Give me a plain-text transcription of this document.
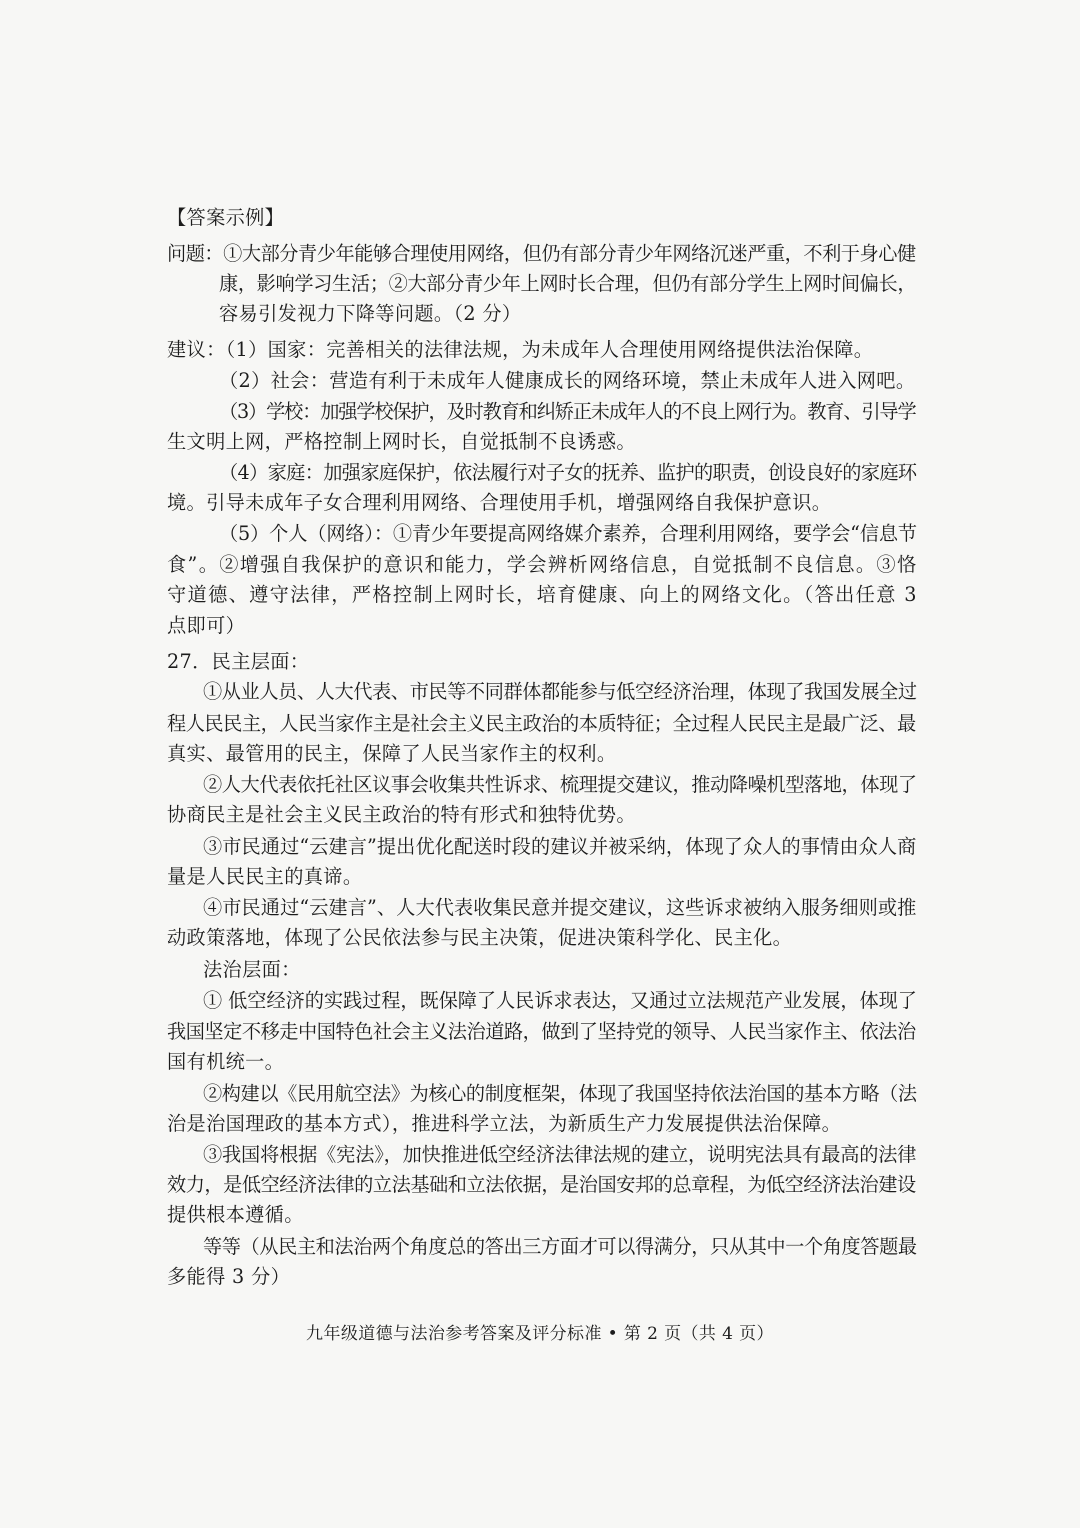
【答案示例】
问题：①大部分青少年能够合理使用网络，但仍有部分青少年网络沉迷严重，不利于身心健
康，影响学习生活；②大部分青少年上网时长合理，但仍有部分学生上网时间偏长，
容易引发视力下降等问题。（2 分）
建议：（1）国家：完善相关的法律法规，为未成年人合理使用网络提供法治保障。
（2）社会：营造有利于未成年人健康成长的网络环境，禁止未成年人进入网吧。
（3）学校：加强学校保护，及时教育和纠矫正未成年人的不良上网行为。教育、引导学
生文明上网，严格控制上网时长，自觉抵制不良诱惑。
（4）家庭：加强家庭保护，依法履行对子女的抚养、监护的职责，创设良好的家庭环
境。引导未成年子女合理利用网络、合理使用手机，增强网络自我保护意识。
（5）个人（网络）：①青少年要提高网络媒介素养，合理利用网络，要学会“信息节
食”。②增强自我保护的意识和能力，学会辨析网络信息，自觉抵制不良信息。③恪
守道德、遵守法律，严格控制上网时长，培育健康、向上的网络文化。（答出任意 3
点即可）
27．民主层面：
①从业人员、人大代表、市民等不同群体都能参与低空经济治理，体现了我国发展全过
程人民民主，人民当家作主是社会主义民主政治的本质特征；全过程人民民主是最广泛、最
真实、最管用的民主，保障了人民当家作主的权利。
②人大代表依托社区议事会收集共性诉求、梳理提交建议，推动降噪机型落地，体现了
协商民主是社会主义民主政治的特有形式和独特优势。
③市民通过“云建言”提出优化配送时段的建议并被采纳，体现了众人的事情由众人商
量是人民民主的真谛。
④市民通过“云建言”、人大代表收集民意并提交建议，这些诉求被纳入服务细则或推
动政策落地，体现了公民依法参与民主决策，促进决策科学化、民主化。
法治层面：
① 低空经济的实践过程，既保障了人民诉求表达，又通过立法规范产业发展，体现了
我国坚定不移走中国特色社会主义法治道路，做到了坚持党的领导、人民当家作主、依法治
国有机统一。
②构建以《民用航空法》为核心的制度框架，体现了我国坚持依法治国的基本方略（法
治是治国理政的基本方式），推进科学立法，为新质生产力发展提供法治保障。
③我国将根据《宪法》，加快推进低空经济法律法规的建立，说明宪法具有最高的法律
效力，是低空经济法律的立法基础和立法依据，是治国安邦的总章程，为低空经济法治建设
提供根本遵循。
等等（从民主和法治两个角度总的答出三方面才可以得满分，只从其中一个角度答题最
多能得 3 分）
九年级道德与法治参考答案及评分标准 • 第 2 页（共 4 页）
